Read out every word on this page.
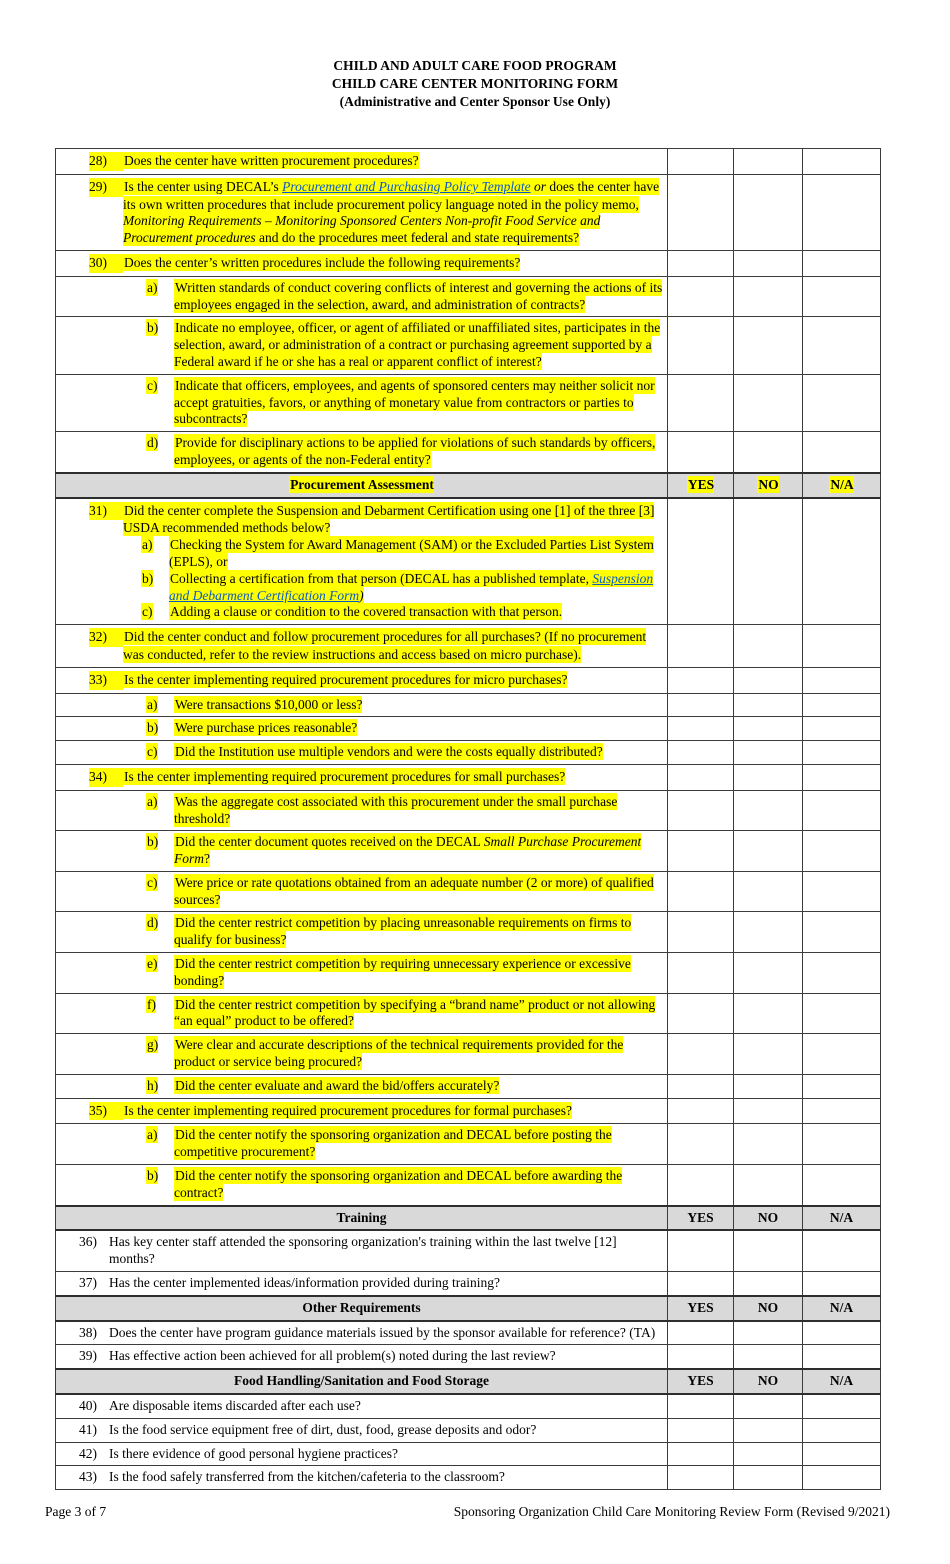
CHILD AND ADULT CARE FOOD PROGRAM
CHILD CARE CENTER MONITORING FORM
(Administrative and Center Sponsor Use Only)

28) Does the center have written procurement procedures?			

29) Is the center using DECAL’s Procurement and Purchasing Policy Template or does the center have its own written procedures that include procurement policy language noted in the policy memo, Monitoring Requirements – Monitoring Sponsored Centers Non-profit Food Service and Procurement procedures and do the procedures meet federal and state requirements?			

30) Does the center’s written procedures include the following requirements?			

a) Written standards of conduct covering conflicts of interest and governing the actions of its employees engaged in the selection, award, and administration of contracts?			

b) Indicate no employee, officer, or agent of affiliated or unaffiliated sites, participates in the selection, award, or administration of a contract or purchasing agreement supported by a Federal award if he or she has a real or apparent conflict of interest?			

c) Indicate that officers, employees, and agents of sponsored centers may neither solicit nor accept gratuities, favors, or anything of monetary value from contractors or parties to subcontracts?			

d) Provide for disciplinary actions to be applied for violations of such standards by officers, employees, or agents of the non-Federal entity?			

Procurement Assessment	YES	NO	N/A

31) Did the center complete the Suspension and Debarment Certification using one [1] of the three [3] USDA recommended methods below?

a) Checking the System for Award Management (SAM) or the Excluded Parties List System (EPLS), or

b) Collecting a certification from that person (DECAL has a published template, Suspension and Debarment Certification Form)

c) Adding a clause or condition to the covered transaction with that person.			

32) Did the center conduct and follow procurement procedures for all purchases? (If no procurement was conducted, refer to the review instructions and access based on micro purchase).			

33) Is the center implementing required procurement procedures for micro purchases?			

a) Were transactions $10,000 or less?			

b) Were purchase prices reasonable?			

c) Did the Institution use multiple vendors and were the costs equally distributed?			

34) Is the center implementing required procurement procedures for small purchases?			

a) Was the aggregate cost associated with this procurement under the small purchase threshold?			

b) Did the center document quotes received on the DECAL Small Purchase Procurement Form?			

c) Were price or rate quotations obtained from an adequate number (2 or more) of qualified sources?			

d) Did the center restrict competition by placing unreasonable requirements on firms to qualify for business?			

e) Did the center restrict competition by requiring unnecessary experience or excessive bonding?			

f) Did the center restrict competition by specifying a “brand name” product or not allowing “an equal” product to be offered?			

g) Were clear and accurate descriptions of the technical requirements provided for the product or service being procured?			

h) Did the center evaluate and award the bid/offers accurately?			

35) Is the center implementing required procurement procedures for formal purchases?			

a) Did the center notify the sponsoring organization and DECAL before posting the competitive procurement?			

b) Did the center notify the sponsoring organization and DECAL before awarding the contract?			

Training	YES	NO	N/A

36) Has key center staff attended the sponsoring organization's training within the last twelve [12] months?			

37) Has the center implemented ideas/information provided during training?			

Other Requirements	YES	NO	N/A

38) Does the center have program guidance materials issued by the sponsor available for reference? (TA)			

39) Has effective action been achieved for all problem(s) noted during the last review?			

Food Handling/Sanitation and Food Storage	YES	NO	N/A

40) Are disposable items discarded after each use?			

41) Is the food service equipment free of dirt, dust, food, grease deposits and odor?			

42) Is there evidence of good personal hygiene practices?			

43) Is the food safely transferred from the kitchen/cafeteria to the classroom?			

Page 3 of 7	Sponsoring Organization Child Care Monitoring Review Form (Revised 9/2021)
